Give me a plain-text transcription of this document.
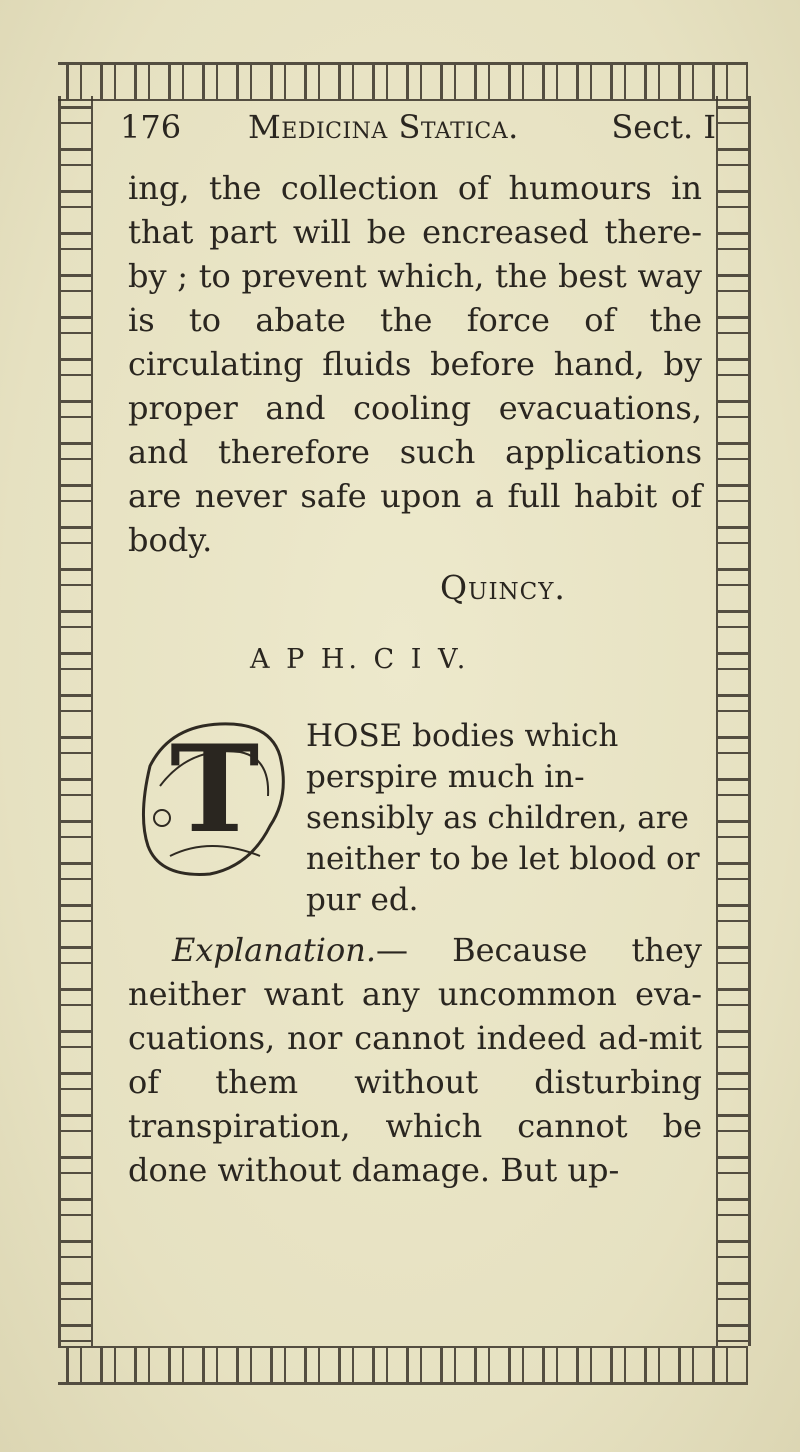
176 Medicina Statica.	Sect. I
ing, the collection of humours in that part will be encreased there-by ; to prevent which, the best way is to abate the force of the circulating fluids before hand, by proper and cooling evacuations, and therefore such applications are never safe upon a full habit of body.
Quincy.
A P H. C I V.
T HOSE bodies which perspire much in-sensibly as children, are neither to be let blood or pur ed.
Explanation.— Because they neither want any uncommon eva-cuations, nor cannot indeed ad-mit of them without disturbing transpiration, which cannot be done without damage. But up-
